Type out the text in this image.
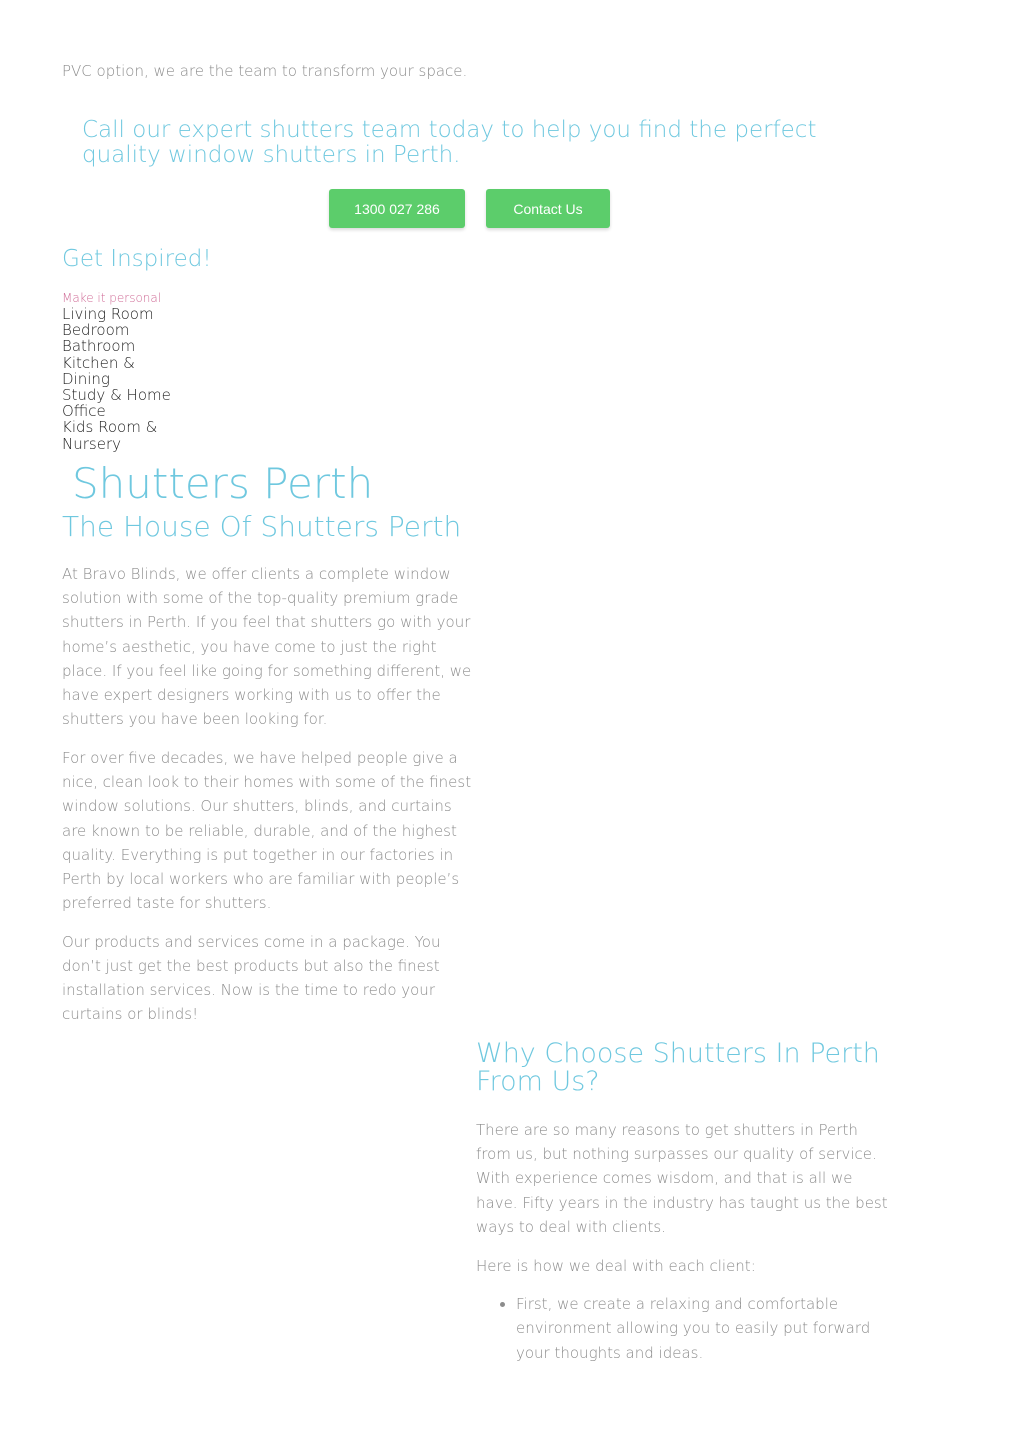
PVC option, we are the team to transform your space.

Call our expert shutters team today to help you find the perfect quality window shutters in Perth.
1300 027 286	Contact Us
Get Inspired!
Make it personal
Living Room
Bedroom
Bathroom
Kitchen & Dining
Study & Home Office
Kids Room & Nursery
Shutters Perth
The House Of Shutters Perth

At Bravo Blinds, we offer clients a complete window solution with some of the top-quality premium grade shutters in Perth. If you feel that shutters go with your home’s aesthetic, you have come to just the right place. If you feel like going for something different, we have expert designers working with us to offer the shutters you have been looking for.

For over five decades, we have helped people give a nice, clean look to their homes with some of the finest window solutions. Our shutters, blinds, and curtains are known to be reliable, durable, and of the highest quality. Everything is put together in our factories in Perth by local workers who are familiar with people’s preferred taste for shutters.

Our products and services come in a package. You don’t just get the best products but also the finest installation services. Now is the time to redo your curtains or blinds!

Why Choose Shutters In Perth From Us?

There are so many reasons to get shutters in Perth from us, but nothing surpasses our quality of service. With experience comes wisdom, and that is all we have. Fifty years in the industry has taught us the best ways to deal with clients.

Here is how we deal with each client:

• First, we create a relaxing and comfortable environment allowing you to easily put forward your thoughts and ideas.
